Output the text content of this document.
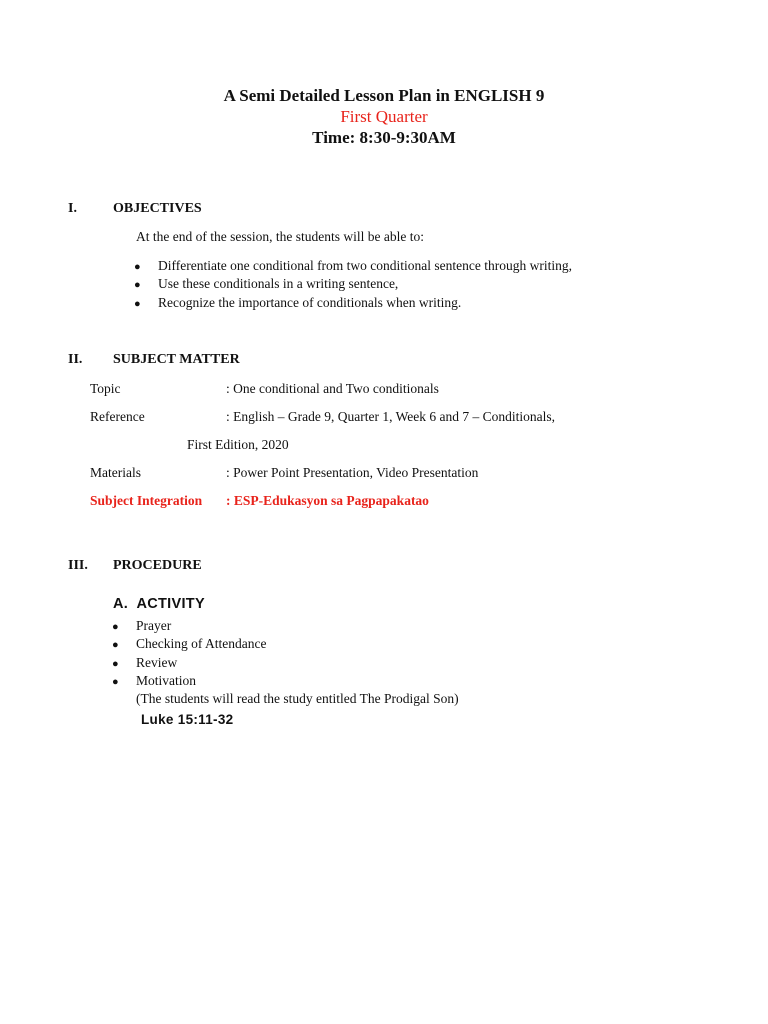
A Semi Detailed Lesson Plan in ENGLISH 9
First Quarter
Time: 8:30-9:30AM
I.	OBJECTIVES
At the end of the session, the students will be able to:
● Differentiate one conditional from two conditional sentence through writing,
● Use these conditionals in a writing sentence,
● Recognize the importance of conditionals when writing.
II. SUBJECT MATTER
Topic	: One conditional and Two conditionals
Reference	: English – Grade 9, Quarter 1, Week 6 and 7 – Conditionals,
First Edition, 2020
Materials	: Power Point Presentation, Video Presentation
Subject Integration : ESP-Edukasyon sa Pagpapakatao
III. PROCEDURE
A. ACTIVITY
● Prayer
● Checking of Attendance
● Review
● Motivation
(The students will read the study entitled The Prodigal Son)
Luke 15:11-32
